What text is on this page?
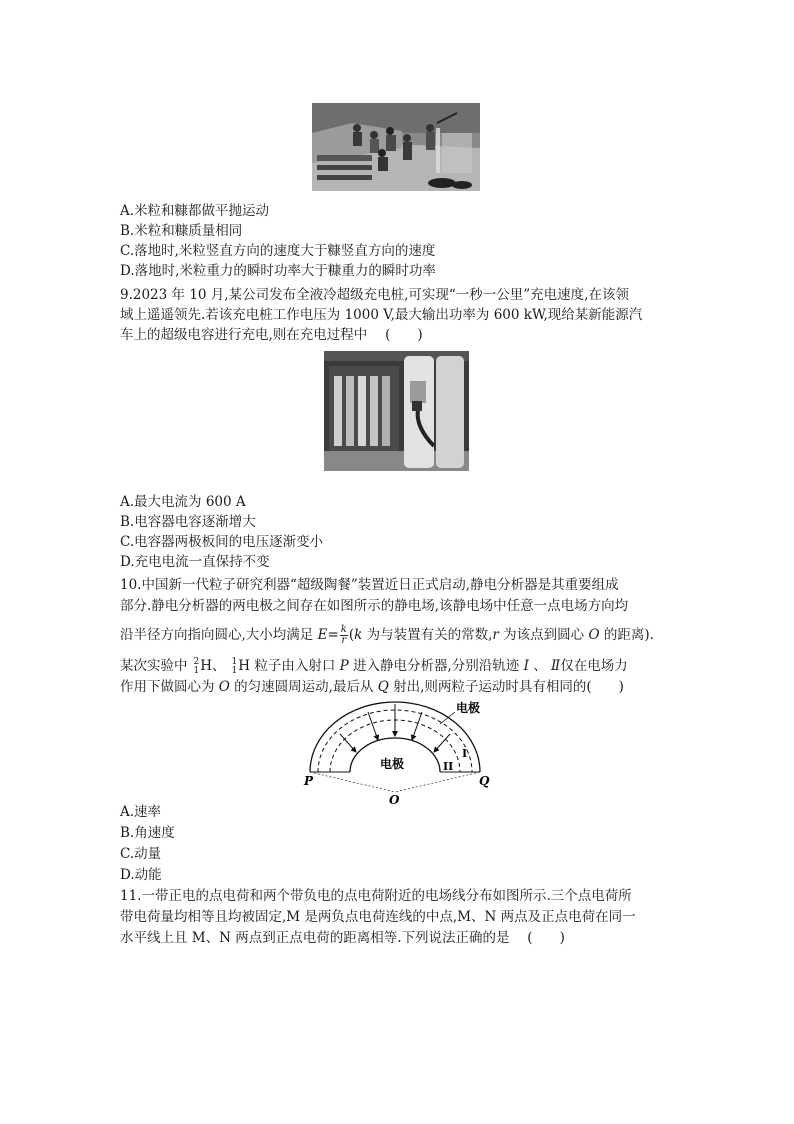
A.米粒和糠都做平抛运动
B.米粒和糠质量相同
C.落地时,米粒竖直方向的速度大于糠竖直方向的速度
D.落地时,米粒重力的瞬时功率大于糠重力的瞬时功率
9.2023 年 10 月,某公司发布全液冷超级充电桩,可实现“一秒一公里”充电速度,在该领
域上遥遥领先.若该充电桩工作电压为 1000 V,最大输出功率为 600 kW,现给某新能源汽
车上的超级电容进行充电,则在充电过程中　 (　　)
A.最大电流为 600 A
B.电容器电容逐渐增大
C.电容器两极板间的电压逐渐变小
D.充电电流一直保持不变
10.中国新一代粒子研究利器“超级陶餐”装置近日正式启动,静电分析器是其重要组成
部分.静电分析器的两电极之间存在如图所示的静电场,该静电场中任意一点电场方向均
沿半径方向指向圆心,大小均满足 $E= \frac{k}{r} (k$ 为与装置有关的常数,r 为该点到圆心 O 的距离).
某次实验中 2
1 H、 1
1 H 粒子由入射口 P 进入静电分析器,分别沿轨迹 Ⅰ 、 Ⅱ仅在电场力
作用下做圆心为 O 的匀速圆周运动,最后从 Q 射出,则两粒子运动时具有相同的(　　)
电极
电极
P	Q
O
I
II
A.速率
B.角速度
C.动量
D.动能
11.一带正电的点电荷和两个带负电的点电荷附近的电场线分布如图所示.三个点电荷所
带电荷量均相等且均被固定,M 是两负点电荷连线的中点,M、N 两点及正点电荷在同一
水平线上且 M、N 两点到正点电荷的距离相等.下列说法正确的是　 (　　)
